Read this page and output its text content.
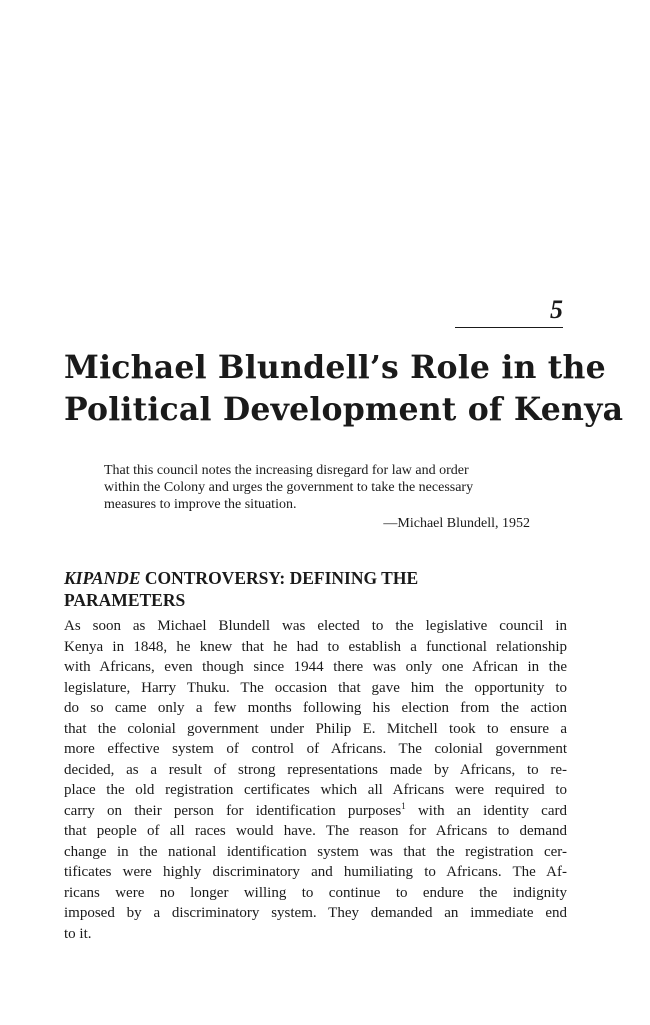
5
Michael Blundell’s Role in the
Political Development of Kenya
That this council notes the increasing disregard for law and order
within the Colony and urges the government to take the necessary
measures to improve the situation.
—Michael Blundell, 1952
KIPANDE CONTROVERSY: DEFINING THE
PARAMETERS
As soon as Michael Blundell was elected to the legislative council in
Kenya in 1848, he knew that he had to establish a functional relationship
with Africans, even though since 1944 there was only one African in the
legislature, Harry Thuku. The occasion that gave him the opportunity to
do so came only a few months following his election from the action
that the colonial government under Philip E. Mitchell took to ensure a
more effective system of control of Africans. The colonial government
decided, as a result of strong representations made by Africans, to re-
place the old registration certificates which all Africans were required to
carry on their person for identification purposes$^1$ with an identity card
that people of all races would have. The reason for Africans to demand
change in the national identification system was that the registration cer-
tificates were highly discriminatory and humiliating to Africans. The Af-
ricans were no longer willing to continue to endure the indignity
imposed by a discriminatory system. They demanded an immediate end
to it.
